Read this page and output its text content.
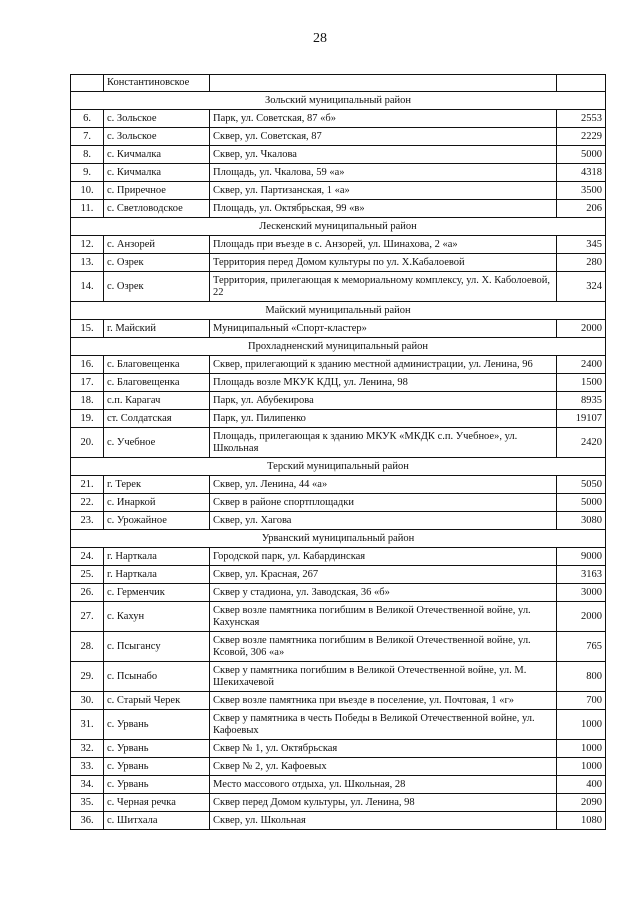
28
	Константиновское		
Зольский муниципальный район			
6.	с. Зольское	Парк, ул. Советская, 87 «б»	2553
7.	с. Зольское	Сквер, ул. Советская, 87	2229
8.	с. Кичмалка	Сквер, ул. Чкалова	5000
9.	с. Кичмалка	Площадь, ул. Чкалова, 59 «а»	4318
10.	с. Приречное	Сквер, ул. Партизанская, 1 «а»	3500
11.	с. Светловодское	Площадь, ул. Октябрьская, 99 «в»	206
Лескенский муниципальный район			
12.	с. Анзорей	Площадь при въезде в с. Анзорей, ул. Шинахова, 2 «а»	345
13.	с. Озрек	Территория перед Домом культуры по ул. Х.Кабалоевой	280
14.	с. Озрек	Территория, прилегающая к мемориальному комплексу, ул. Х. Каболоевой, 22	324
Майский муниципальный район			
15.	г. Майский	Муниципальный «Спорт-кластер»	2000
Прохладненский муниципальный район			
16.	с. Благовещенка	Сквер, прилегающий к зданию местной администрации, ул. Ленина, 96	2400
17.	с. Благовещенка	Площадь возле МКУК КДЦ, ул. Ленина, 98	1500
18.	с.п. Карагач	Парк, ул. Абубекирова	8935
19.	ст. Солдатская	Парк, ул. Пилипенко	19107
20.	с. Учебное	Площадь, прилегающая к зданию МКУК «МКДК с.п. Учебное», ул. Школьная	2420
Терский муниципальный район			
21.	г. Терек	Сквер, ул. Ленина, 44 «а»	5050
22.	с. Инаркой	Сквер в районе спортплощадки	5000
23.	с. Урожайное	Сквер, ул. Хагова	3080
Урванский муниципальный район			
24.	г. Нарткала	Городской парк, ул. Кабардинская	9000
25.	г. Нарткала	Сквер, ул. Красная, 267	3163
26.	с. Герменчик	Сквер у стадиона, ул. Заводская, 36 «б»	3000
27.	с. Кахун	Сквер возле памятника погибшим в Великой Отечественной войне, ул. Кахунская	2000
28.	с. Псыгансу	Сквер возле памятника погибшим в Великой Отечественной войне, ул. Ксовой, 306 «а»	765
29.	с. Псынабо	Сквер у памятника погибшим в Великой Отечественной войне, ул. М. Шекихачевой	800
30.	с. Старый Черек	Сквер возле памятника при въезде в поселение, ул. Почтовая, 1 «г»	700
31.	с. Урвань	Сквер у памятника в честь Победы в Великой Отечественной войне, ул. Кафоевых	1000
32.	с. Урвань	Сквер № 1, ул. Октябрьская	1000
33.	с. Урвань	Сквер № 2, ул. Кафоевых	1000
34.	с. Урвань	Место массового отдыха, ул. Школьная, 28	400
35.	с. Черная речка	Сквер перед Домом культуры, ул. Ленина, 98	2090
36.	с. Шитхала	Сквер, ул. Школьная	1080
